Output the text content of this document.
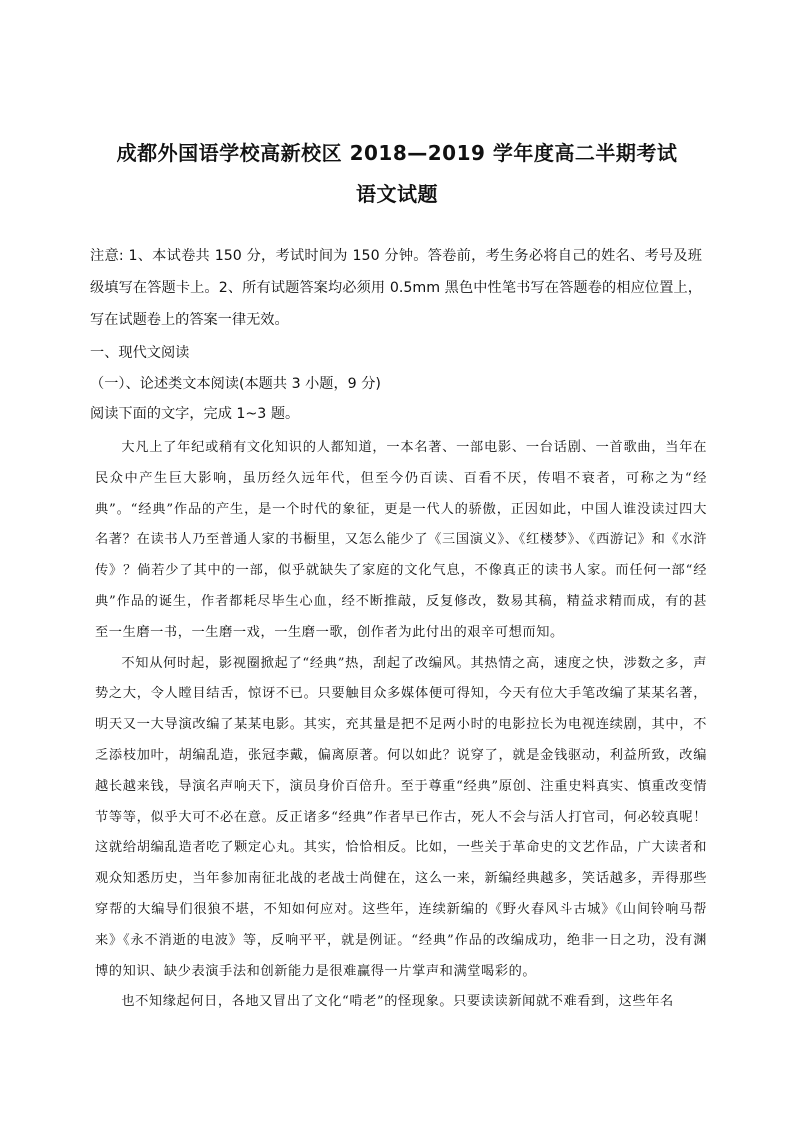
成都外国语学校高新校区 2018—2019 学年度高二半期考试
语文试题
注意: 1、本试卷共 150 分，考试时间为 150 分钟。答卷前，考生务必将自己的姓名、考号及班级填写在答题卡上。2、所有试题答案均必须用 0.5mm 黑色中性笔书写在答题卷的相应位置上，写在试题卷上的答案一律无效。
一、现代文阅读
（一）、论述类文本阅读(本题共 3 小题，9 分)
阅读下面的文字，完成 1~3 题。

大凡上了年纪或稍有文化知识的人都知道，一本名著、一部电影、一台话剧、一首歌曲，当年在民众中产生巨大影响，虽历经久远年代，但至今仍百读、百看不厌，传唱不衰者，可称之为“经典”。“经典”作品的产生，是一个时代的象征，更是一代人的骄傲，正因如此，中国人谁没读过四大名著？在读书人乃至普通人家的书橱里，又怎么能少了《三国演义》、《红楼梦》、《西游记》和《水浒传》？倘若少了其中的一部，似乎就缺失了家庭的文化气息，不像真正的读书人家。而任何一部“经典”作品的诞生，作者都耗尽毕生心血，经不断推敲，反复修改，数易其稿，精益求精而成，有的甚至一生磨一书，一生磨一戏，一生磨一歌，创作者为此付出的艰辛可想而知。

不知从何时起，影视圈掀起了“经典”热，刮起了改编风。其热情之高，速度之快，涉数之多，声势之大，令人瞠目结舌，惊讶不已。只要触目众多媒体便可得知，今天有位大手笔改编了某某名著，明天又一大导演改编了某某电影。其实，充其量是把不足两小时的电影拉长为电视连续剧，其中，不乏添枝加叶，胡编乱造，张冠李戴，偏离原著。何以如此？说穿了，就是金钱驱动，利益所致，改编越长越来钱，导演名声响天下，演员身价百倍升。至于尊重“经典”原创、注重史料真实、慎重改变情节等等，似乎大可不必在意。反正诸多“经典”作者早已作古，死人不会与活人打官司，何必较真呢！这就给胡编乱造者吃了颗定心丸。其实，恰恰相反。比如，一些关于革命史的文艺作品，广大读者和观众知悉历史，当年参加南征北战的老战士尚健在，这么一来，新编经典越多，笑话越多，弄得那些穿帮的大编导们很狼不堪，不知如何应对。这些年，连续新编的《野火春风斗古城》《山间铃响马帮来》《永不消逝的电波》等，反响平平，就是例证。“经典”作品的改编成功，绝非一日之功，没有渊博的知识、缺少表演手法和创新能力是很难赢得一片掌声和满堂喝彩的。

也不知缘起何日，各地又冒出了文化“啃老”的怪现象。只要读读新闻就不难看到，这些年名
